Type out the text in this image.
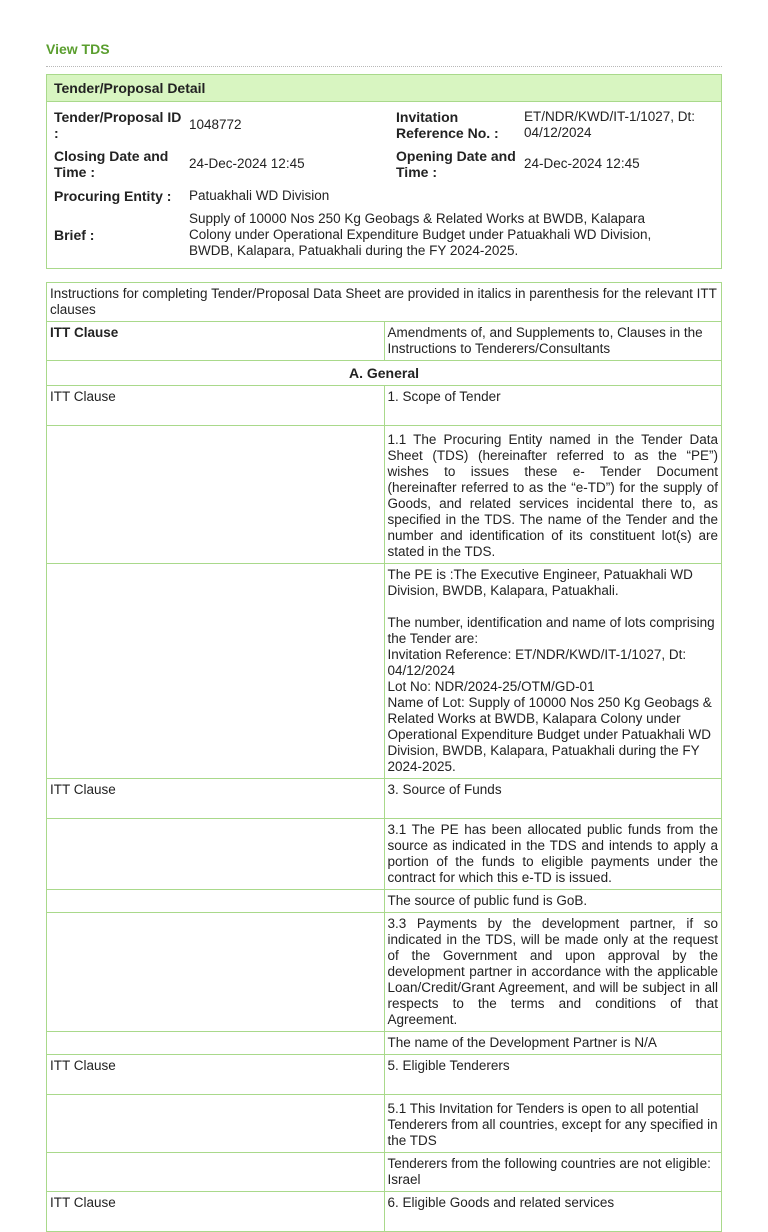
View TDS
Tender/Proposal Detail
Tender/Proposal ID :
1048772	Invitation Reference No. :
ET/NDR/KWD/IT-1/1027, Dt: 04/12/2024
Closing Date and Time :
24-Dec-2024 12:45	Opening Date and Time :
24-Dec-2024 12:45
Procuring Entity :	Patuakhali WD Division
Brief :
Supply of 10000 Nos 250 Kg Geobags & Related Works at BWDB, Kalapara Colony under Operational Expenditure Budget under Patuakhali WD Division, BWDB, Kalapara, Patuakhali during the FY 2024-2025.
Instructions for completing Tender/Proposal Data Sheet are provided in italics in parenthesis for the relevant ITT clauses	
ITT Clause	Amendments of, and Supplements to, Clauses in the Instructions to Tenderers/Consultants
A. General	
ITT Clause	1. Scope of Tender
	1.1 The Procuring Entity named in the Tender Data Sheet (TDS) (hereinafter referred to as the “PE”) wishes to issues these e- Tender Document (hereinafter referred to as the “e-TD”) for the supply of Goods, and related services incidental there to, as specified in the TDS. The name of the Tender and the number and identification of its constituent lot(s) are stated in the TDS.

	The PE is :The Executive Engineer, Patuakhali WD Division, BWDB, Kalapara, Patuakhali.
The number, identification and name of lots comprising the Tender are:
Invitation Reference: ET/NDR/KWD/IT-1/1027, Dt: 04/12/2024
Lot No: NDR/2024-25/OTM/GD-01
Name of Lot: Supply of 10000 Nos 250 Kg Geobags & Related Works at BWDB, Kalapara Colony under Operational Expenditure Budget under Patuakhali WD Division, BWDB, Kalapara, Patuakhali during the FY 2024-2025.

ITT Clause	3. Source of Funds
	3.1 The PE has been allocated public funds from the source as indicated in the TDS and intends to apply a portion of the funds to eligible payments under the contract for which this e-TD is issued.
	The source of public fund is GoB.
	3.3 Payments by the development partner, if so indicated in the TDS, will be made only at the request of the Government and upon approval by the development partner in accordance with the applicable Loan/Credit/Grant Agreement, and will be subject in all respects to the terms and conditions of that Agreement.
	The name of the Development Partner is N/A
ITT Clause	5. Eligible Tenderers
	5.1 This Invitation for Tenders is open to all potential Tenderers from all countries, except for any specified in the TDS
	Tenderers from the following countries are not eligible: Israel
ITT Clause	6. Eligible Goods and related services
